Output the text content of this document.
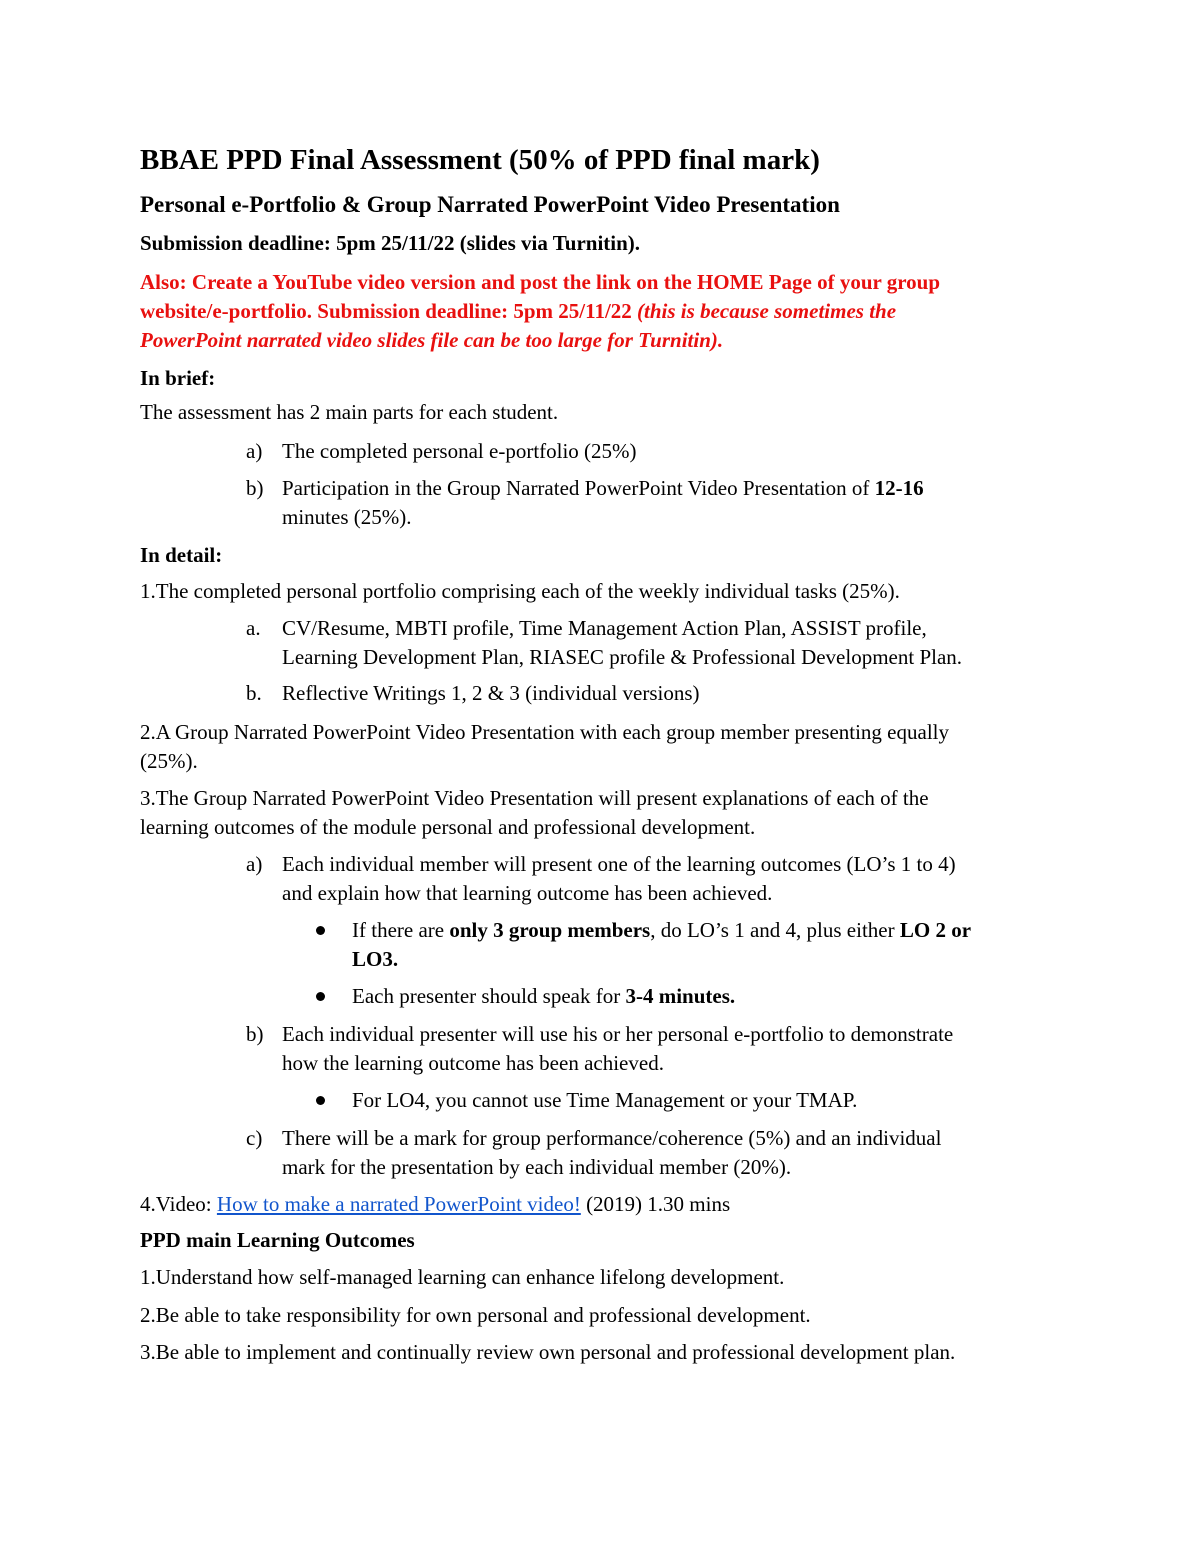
BBAE PPD Final Assessment (50% of PPD final mark)
Personal e-Portfolio & Group Narrated PowerPoint Video Presentation
Submission deadline: 5pm 25/11/22 (slides via Turnitin).
Also: Create a YouTube video version and post the link on the HOME Page of your group
website/e-portfolio. Submission deadline: 5pm 25/11/22 (this is because sometimes the
PowerPoint narrated video slides file can be too large for Turnitin).
In brief:
The assessment has 2 main parts for each student.
a) The completed personal e-portfolio (25%)
b) Participation in the Group Narrated PowerPoint Video Presentation of 12-16
minutes (25%).
In detail:
1.The completed personal portfolio comprising each of the weekly individual tasks (25%).
a. CV/Resume, MBTI profile, Time Management Action Plan, ASSIST profile,
Learning Development Plan, RIASEC profile & Professional Development Plan.
b. Reflective Writings 1, 2 & 3 (individual versions)
2.A Group Narrated PowerPoint Video Presentation with each group member presenting equally
(25%).
3.The Group Narrated PowerPoint Video Presentation will present explanations of each of the
learning outcomes of the module personal and professional development.
a) Each individual member will present one of the learning outcomes (LO’s 1 to 4)
and explain how that learning outcome has been achieved.
If there are only 3 group members, do LO’s 1 and 4, plus either LO 2 or
LO3.
Each presenter should speak for 3-4 minutes.
b) Each individual presenter will use his or her personal e-portfolio to demonstrate
how the learning outcome has been achieved.
For LO4, you cannot use Time Management or your TMAP.
c) There will be a mark for group performance/coherence (5%) and an individual
mark for the presentation by each individual member (20%).
4.Video: How to make a narrated PowerPoint video! (2019) 1.30 mins
PPD main Learning Outcomes
1.Understand how self-managed learning can enhance lifelong development.
2.Be able to take responsibility for own personal and professional development.
3.Be able to implement and continually review own personal and professional development plan.
